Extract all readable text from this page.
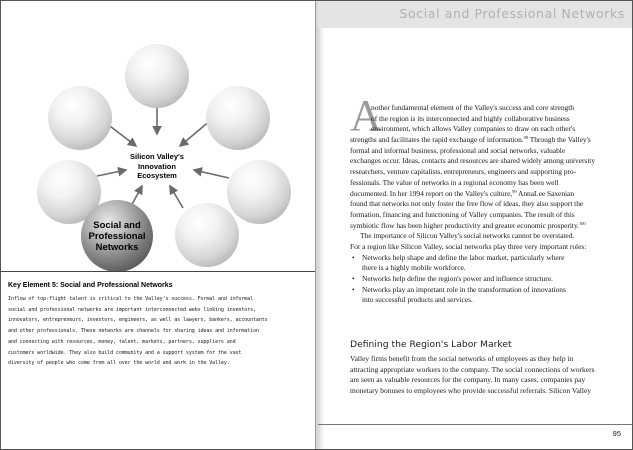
Social and
Professional
Networks
Silicon Valley's
Innovation
Ecosystem
Key Element 5: Social and Professional Networks
Inflow of top-flight talent is critical to the Valley's success. Formal and informal
social and professional networks are important interconnected webs linking inventors,
innovators, entrepreneurs, investors, engineers, as well as lawyers, bankers, accountants
and other professionals. These networks are channels for sharing ideas and information
and connecting with resources, money, talent, markets, partners, suppliers and
customers worldwide. They also build community and a support system for the vast
diversity of people who come from all over the world and work in the Valley.
Social and Professional Networks
A
nother fundamental element of the Valley's success and core strength
of the region is its interconnected and highly collaborative business
environment, which allows Valley companies to draw on each other's
strengths and facilitates the rapid exchange of information.$^{98}$ Through the Valley's
formal and informal business, professional and social networks, valuable
exchanges occur. Ideas, contacts and resources are shared widely among university
researchers, venture capitalists, entrepreneurs, engineers and supporting pro-
fessionals. The value of networks in a regional economy has been well
documented. In her 1994 report on the Valley's culture,$^{99}$ AnnaLee Saxenian
found that networks not only foster the free flow of ideas, they also support the
formation, financing and functioning of Valley companies. The result of this
symbiotic flow has been higher productivity and greater economic prosperity.$^{100}$
The importance of Silicon Valley's social networks cannot be overstated.
For a region like Silicon Valley, social networks play three very important roles:
• Networks help shape and define the labor market, particularly where
there is a highly mobile workforce.
• Networks help define the region's power and influence structure.
• Networks play an important role in the transformation of innovations
into successful products and services.
Defining the Region's Labor Market
Valley firms benefit from the social networks of employees as they help in
attracting appropriate workers to the company. The social connections of workers
are seen as valuable resources for the company. In many cases, companies pay
monetary bonuses to employees who provide successful referrals. Silicon Valley
95
